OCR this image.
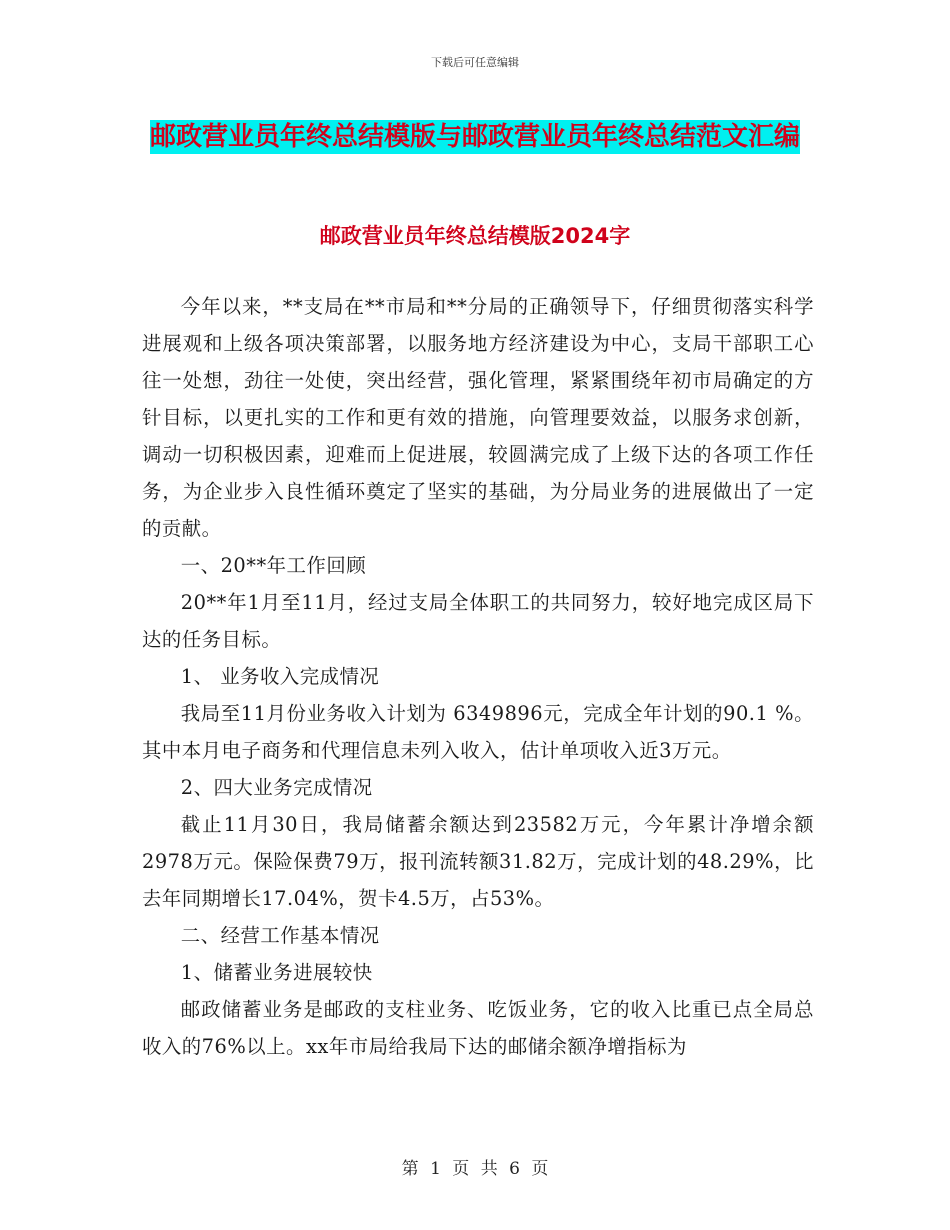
下载后可任意编辑
邮政营业员年终总结模版与邮政营业员年终总结范文汇编
邮政营业员年终总结模版2024字

今年以来，**支局在**市局和**分局的正确领导下，仔细贯彻落实科学进展观和上级各项决策部署，以服务地方经济建设为中心，支局干部职工心往一处想，劲往一处使，突出经营，强化管理，紧紧围绕年初市局确定的方针目标，以更扎实的工作和更有效的措施，向管理要效益，以服务求创新，调动一切积极因素，迎难而上促进展，较圆满完成了上级下达的各项工作任务，为企业步入良性循环奠定了坚实的基础，为分局业务的进展做出了一定的贡献。

一、20**年工作回顾

20**年1月至11月，经过支局全体职工的共同努力，较好地完成区局下达的任务目标。

1、 业务收入完成情况

我局至11月份业务收入计划为 6349896元，完成全年计划的90.1 %。其中本月电子商务和代理信息未列入收入，估计单项收入近3万元。

2、四大业务完成情况

截止11月30日，我局储蓄余额达到23582万元，今年累计净增余额 2978万元。保险保费79万，报刊流转额31.82万，完成计划的48.29%，比去年同期增长17.04%，贺卡4.5万，占53%。

二、经营工作基本情况

1、储蓄业务进展较快

邮政储蓄业务是邮政的支柱业务、吃饭业务，它的收入比重已点全局总收入的76%以上。xx年市局给我局下达的邮储余额净增指标为

第 1 页 共 6 页
